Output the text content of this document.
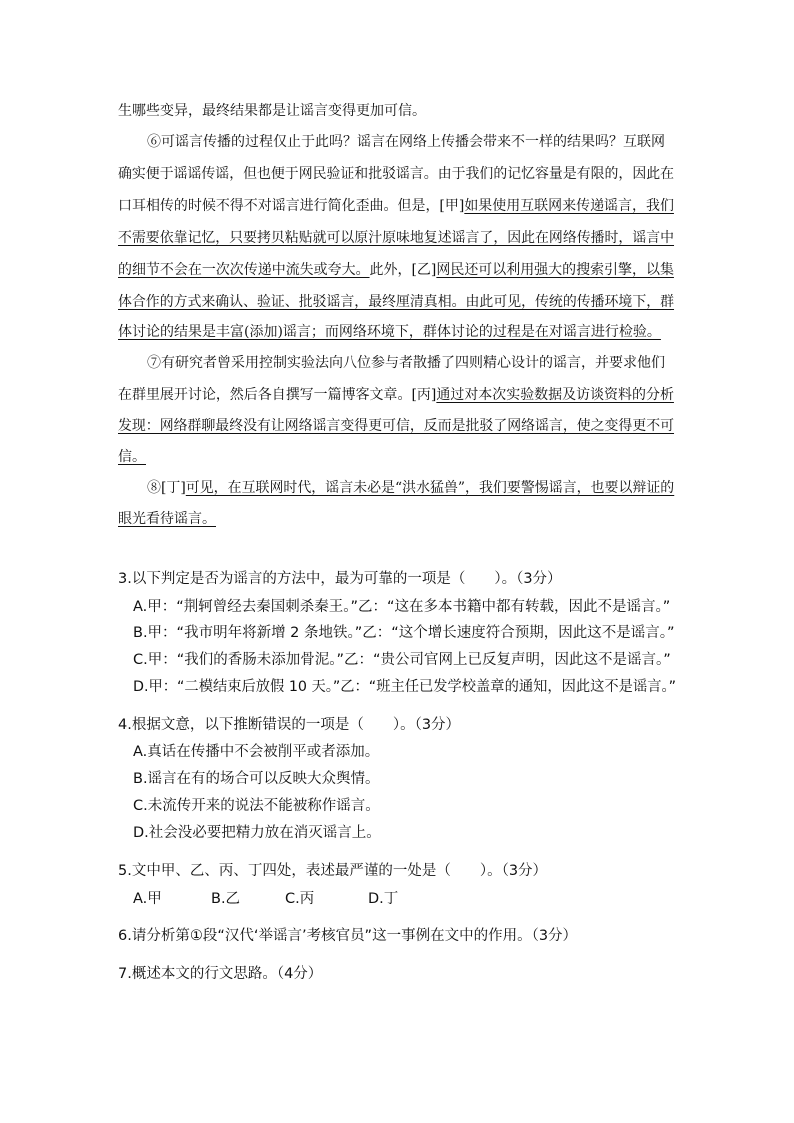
生哪些变异，最终结果都是让谣言变得更加可信。
⑥可谣言传播的过程仅止于此吗？谣言在网络上传播会带来不一样的结果吗？互联网
确实便于谣谣传谣，但也便于网民验证和批驳谣言。由于我们的记忆容量是有限的，因此在
口耳相传的时候不得不对谣言进行简化歪曲。但是，[甲]如果使用互联网来传递谣言，我们
不需要依靠记忆，只要拷贝粘贴就可以原汁原味地复述谣言了，因此在网络传播时，谣言中
的细节不会在一次次传递中流失或夸大。此外，[乙]网民还可以利用强大的搜索引擎，以集
体合作的方式来确认、验证、批驳谣言，最终厘清真相。由此可见，传统的传播环境下，群
体讨论的结果是丰富(添加)谣言；而网络环境下，群体讨论的过程是在对谣言进行检验。
⑦有研究者曾采用控制实验法向八位参与者散播了四则精心设计的谣言，并要求他们
在群里展开讨论，然后各自撰写一篇博客文章。[丙]通过对本次实验数据及访谈资料的分析
发现：网络群聊最终没有让网络谣言变得更可信，反而是批驳了网络谣言，使之变得更不可
信。
⑧[丁]可见，在互联网时代，谣言未必是“洪水猛兽”，我们要警惕谣言，也要以辩证的
眼光看待谣言。
3.以下判定是否为谣言的方法中，最为可靠的一项是（　　）。（3分）
A.甲：“荆轲曾经去秦国刺杀秦王。”乙：“这在多本书籍中都有转载，因此不是谣言。”
B.甲：“我市明年将新增 2 条地铁。”乙：“这个增长速度符合预期，因此这不是谣言。”
C.甲：“我们的香肠未添加骨泥。”乙：“贵公司官网上已反复声明，因此这不是谣言。”
D.甲：“二模结束后放假 10 天。”乙：“班主任已发学校盖章的通知，因此这不是谣言。”
4.根据文意，以下推断错误的一项是（　　）。（3分）
A.真话在传播中不会被削平或者添加。
B.谣言在有的场合可以反映大众舆情。
C.未流传开来的说法不能被称作谣言。
D.社会没必要把精力放在消灭谣言上。
5.文中甲、乙、丙、丁四处，表述最严谨的一处是（　　）。（3分）
A.甲	B.乙	C.丙	D.丁
6.请分析第①段“汉代‘举谣言’考核官员”这一事例在文中的作用。（3分）
7.概述本文的行文思路。（4分）
